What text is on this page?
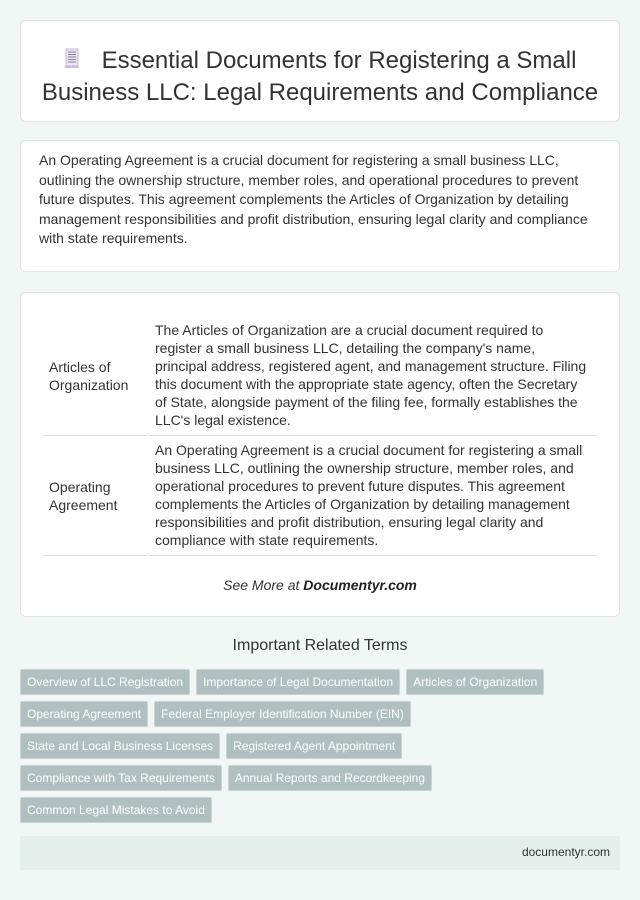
Essential Documents for Registering a Small Business LLC: Legal Requirements and Compliance

An Operating Agreement is a crucial document for registering a small business LLC, outlining the ownership structure, member roles, and operational procedures to prevent future disputes. This agreement complements the Articles of Organization by detailing management responsibilities and profit distribution, ensuring legal clarity and compliance with state requirements.

Articles of Organization	The Articles of Organization are a crucial document required to register a small business LLC, detailing the company's name, principal address, registered agent, and management structure. Filing this document with the appropriate state agency, often the Secretary of State, alongside payment of the filing fee, formally establishes the LLC's legal existence.
Operating Agreement	An Operating Agreement is a crucial document for registering a small business LLC, outlining the ownership structure, member roles, and operational procedures to prevent future disputes. This agreement complements the Articles of Organization by detailing management responsibilities and profit distribution, ensuring legal clarity and compliance with state requirements.
See More at Documentyr.com
Important Related Terms
Overview of LLC Registration	Importance of Legal Documentation	Articles of Organization
Operating Agreement	Federal Employer Identification Number (EIN)
State and Local Business Licenses	Registered Agent Appointment
Compliance with Tax Requirements	Annual Reports and Recordkeeping
Common Legal Mistakes to Avoid
documentyr.com
